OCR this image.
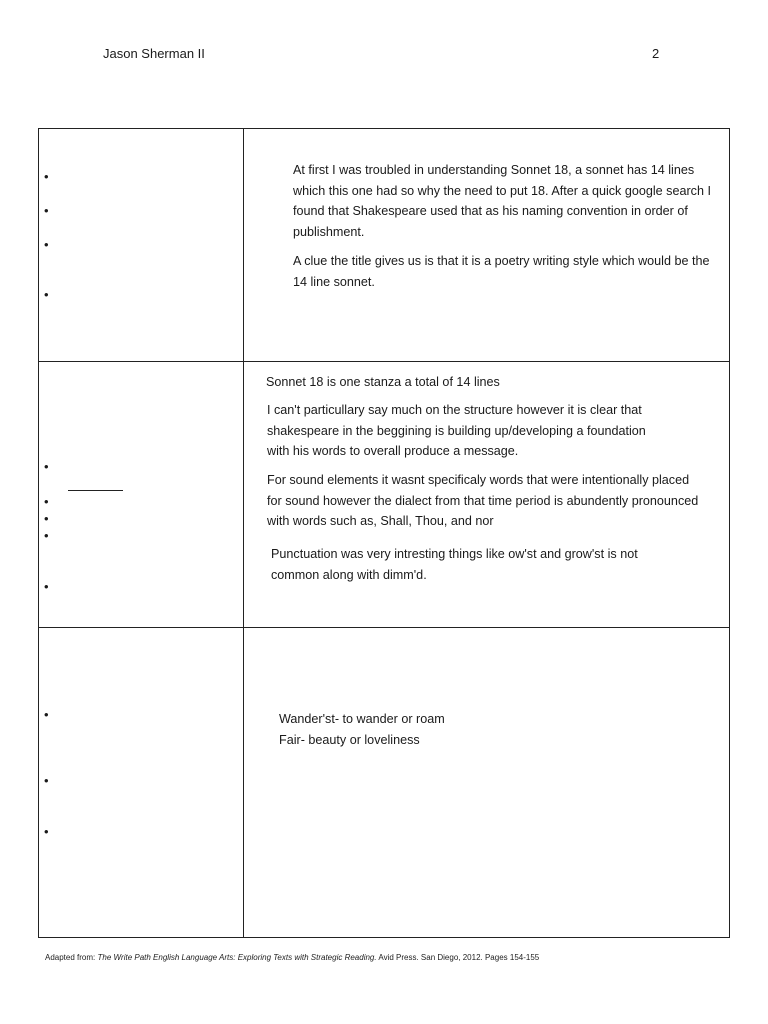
Jason Sherman II	2
•
•
•
•
•
•
•
•
•
•
•
•

At first I was troubled in understanding Sonnet 18, a sonnet has 14 lines which this one had so why the need to put 18. After a quick google search I found that Shakespeare used that as his naming convention in order of publishment.

A clue the title gives us is that it is a poetry writing style which would be the 14 line sonnet.

Sonnet 18 is one stanza a total of 14 lines

I can't particullary say much on the structure however it is clear that shakespeare in the beggining is building up/developing a foundation with his words to overall produce a message.

For sound elements it wasnt specificaly words that were intentionally placed for sound however the dialect from that time period is abundently pronounced with words such as, Shall, Thou, and nor

Punctuation was very intresting things like ow'st and grow'st is not common along with dimm'd.

Wander'st- to wander or roam

Fair- beauty or loveliness

Adapted from: The Write Path English Language Arts: Exploring Texts with Strategic Reading. Avid Press. San Diego, 2012. Pages 154-155
